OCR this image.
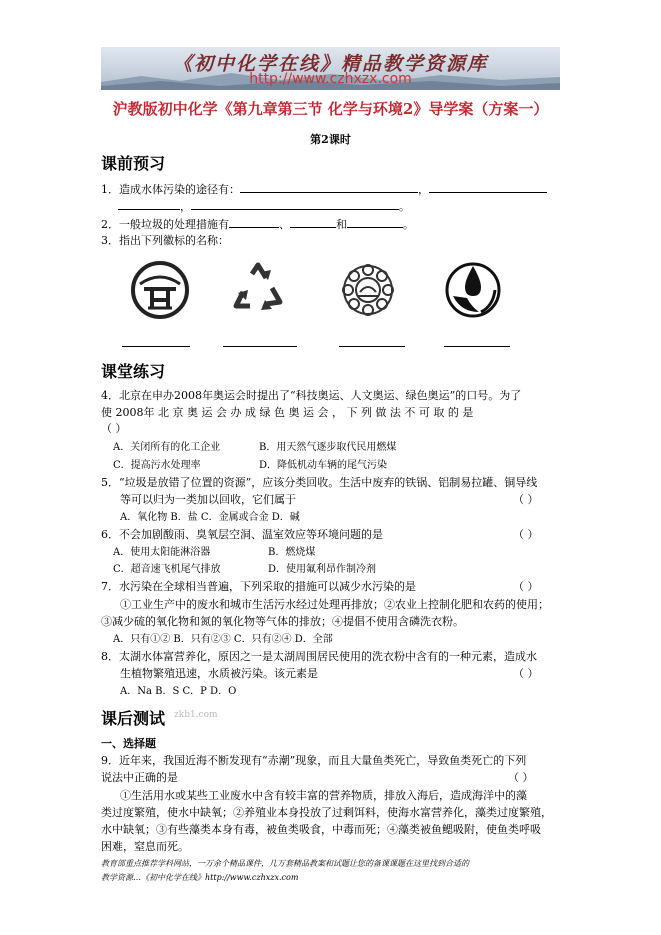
《初中化学在线》精品教学资源库
http://www.czhxzx.com
沪教版初中化学《第九章第三节 化学与环境2》导学案（方案一）
第2课时
课前预习
1．造成水体污染的途径有：	，
，	。
2．一般垃圾的处理措施有	、	和	。
3．指出下列徽标的名称：
课堂练习
4．北京在申办2008年奥运会时提出了“科技奥运、人文奥运、绿色奥运”的口号。为了
使 2008年 北 京 奥 运 会 办 成 绿 色 奥 运 会 ， 下 列 做 法 不 可 取 的 是
（ ）
A．关闭所有的化工企业	B．用天然气逐步取代民用燃煤
C．提高污水处理率	D．降低机动车辆的尾气污染
5．“垃圾是放错了位置的资源”，应该分类回收。生活中废弃的铁锅、铝制易拉罐、铜导线
等可以归为一类加以回收，它们属于	（ ）
A．氧化物 B．盐 C．金属或合金 D．碱
6．不会加剧酸雨、臭氧层空洞、温室效应等环境问题的是	（ ）
A．使用太阳能淋浴器	B．燃烧煤
C．超音速飞机尾气排放	D．使用氟利昂作制冷剂
7．水污染在全球相当普遍，下列采取的措施可以减少水污染的是	（ ）
①工业生产中的废水和城市生活污水经过处理再排放；②农业上控制化肥和农药的使用；
③减少硫的氧化物和氮的氧化物等气体的排放；④提倡不使用含磷洗衣粉。
A．只有①② B．只有②③ C．只有②④ D．全部
8．太湖水体富营养化，原因之一是太湖周围居民使用的洗衣粉中含有的一种元素，造成水
生植物繁殖迅速，水质被污染。该元素是	（ ）
A．Na B．S C．P D．O
课后测试 zkb1.com
一、选择题
9．近年来，我国近海不断发现有“赤潮”现象，而且大量鱼类死亡，导致鱼类死亡的下列
说法中正确的是	（ ）
①生活用水或某些工业废水中含有较丰富的营养物质，排放入海后，造成海洋中的藻
类过度繁殖，使水中缺氧；②养殖业本身投放了过剩饵料，使海水富营养化，藻类过度繁殖，
水中缺氧；③有些藻类本身有毒，被鱼类吸食，中毒而死；④藻类被鱼鳃吸附，使鱼类呼吸
困难，窒息而死。
教育部重点推荐学科网站，一万余个精品课件，几万套精品教案和试题让您的备课课题在这里找到合适的
教学资源…《初中化学在线》http://www.czhxzx.com
